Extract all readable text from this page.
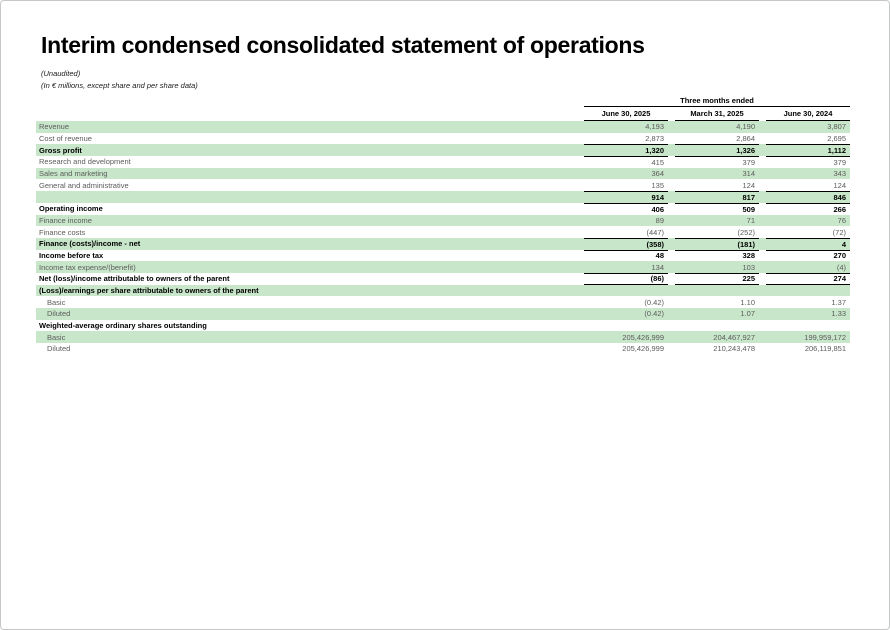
Interim condensed consolidated statement of operations
(Unaudited)
(In € millions, except share and per share data)
Three months ended
June 30, 2025	March 31, 2025	June 30, 2024
Revenue	4,193	4,190	3,807
Cost of revenue	2,873	2,864	2,695
Gross profit	1,320	1,326	1,112
Research and development	415	379	379
Sales and marketing	364	314	343
General and administrative	135	124	124
914	817	846
Operating income	406	509	266
Finance income	89	71	76
Finance costs	(447)	(252)	(72)
Finance (costs)/income - net	(358)	(181)	4
Income before tax	48	328	270
Income tax expense/(benefit)	134	103	(4)
Net (loss)/income attributable to owners of the parent	(86)	225	274
(Loss)/earnings per share attributable to owners of the parent
Basic	(0.42)	1.10	1.37
Diluted	(0.42)	1.07	1.33
Weighted-average ordinary shares outstanding
Basic	205,426,999	204,467,927	199,959,172
Diluted	205,426,999	210,243,478	206,119,851
